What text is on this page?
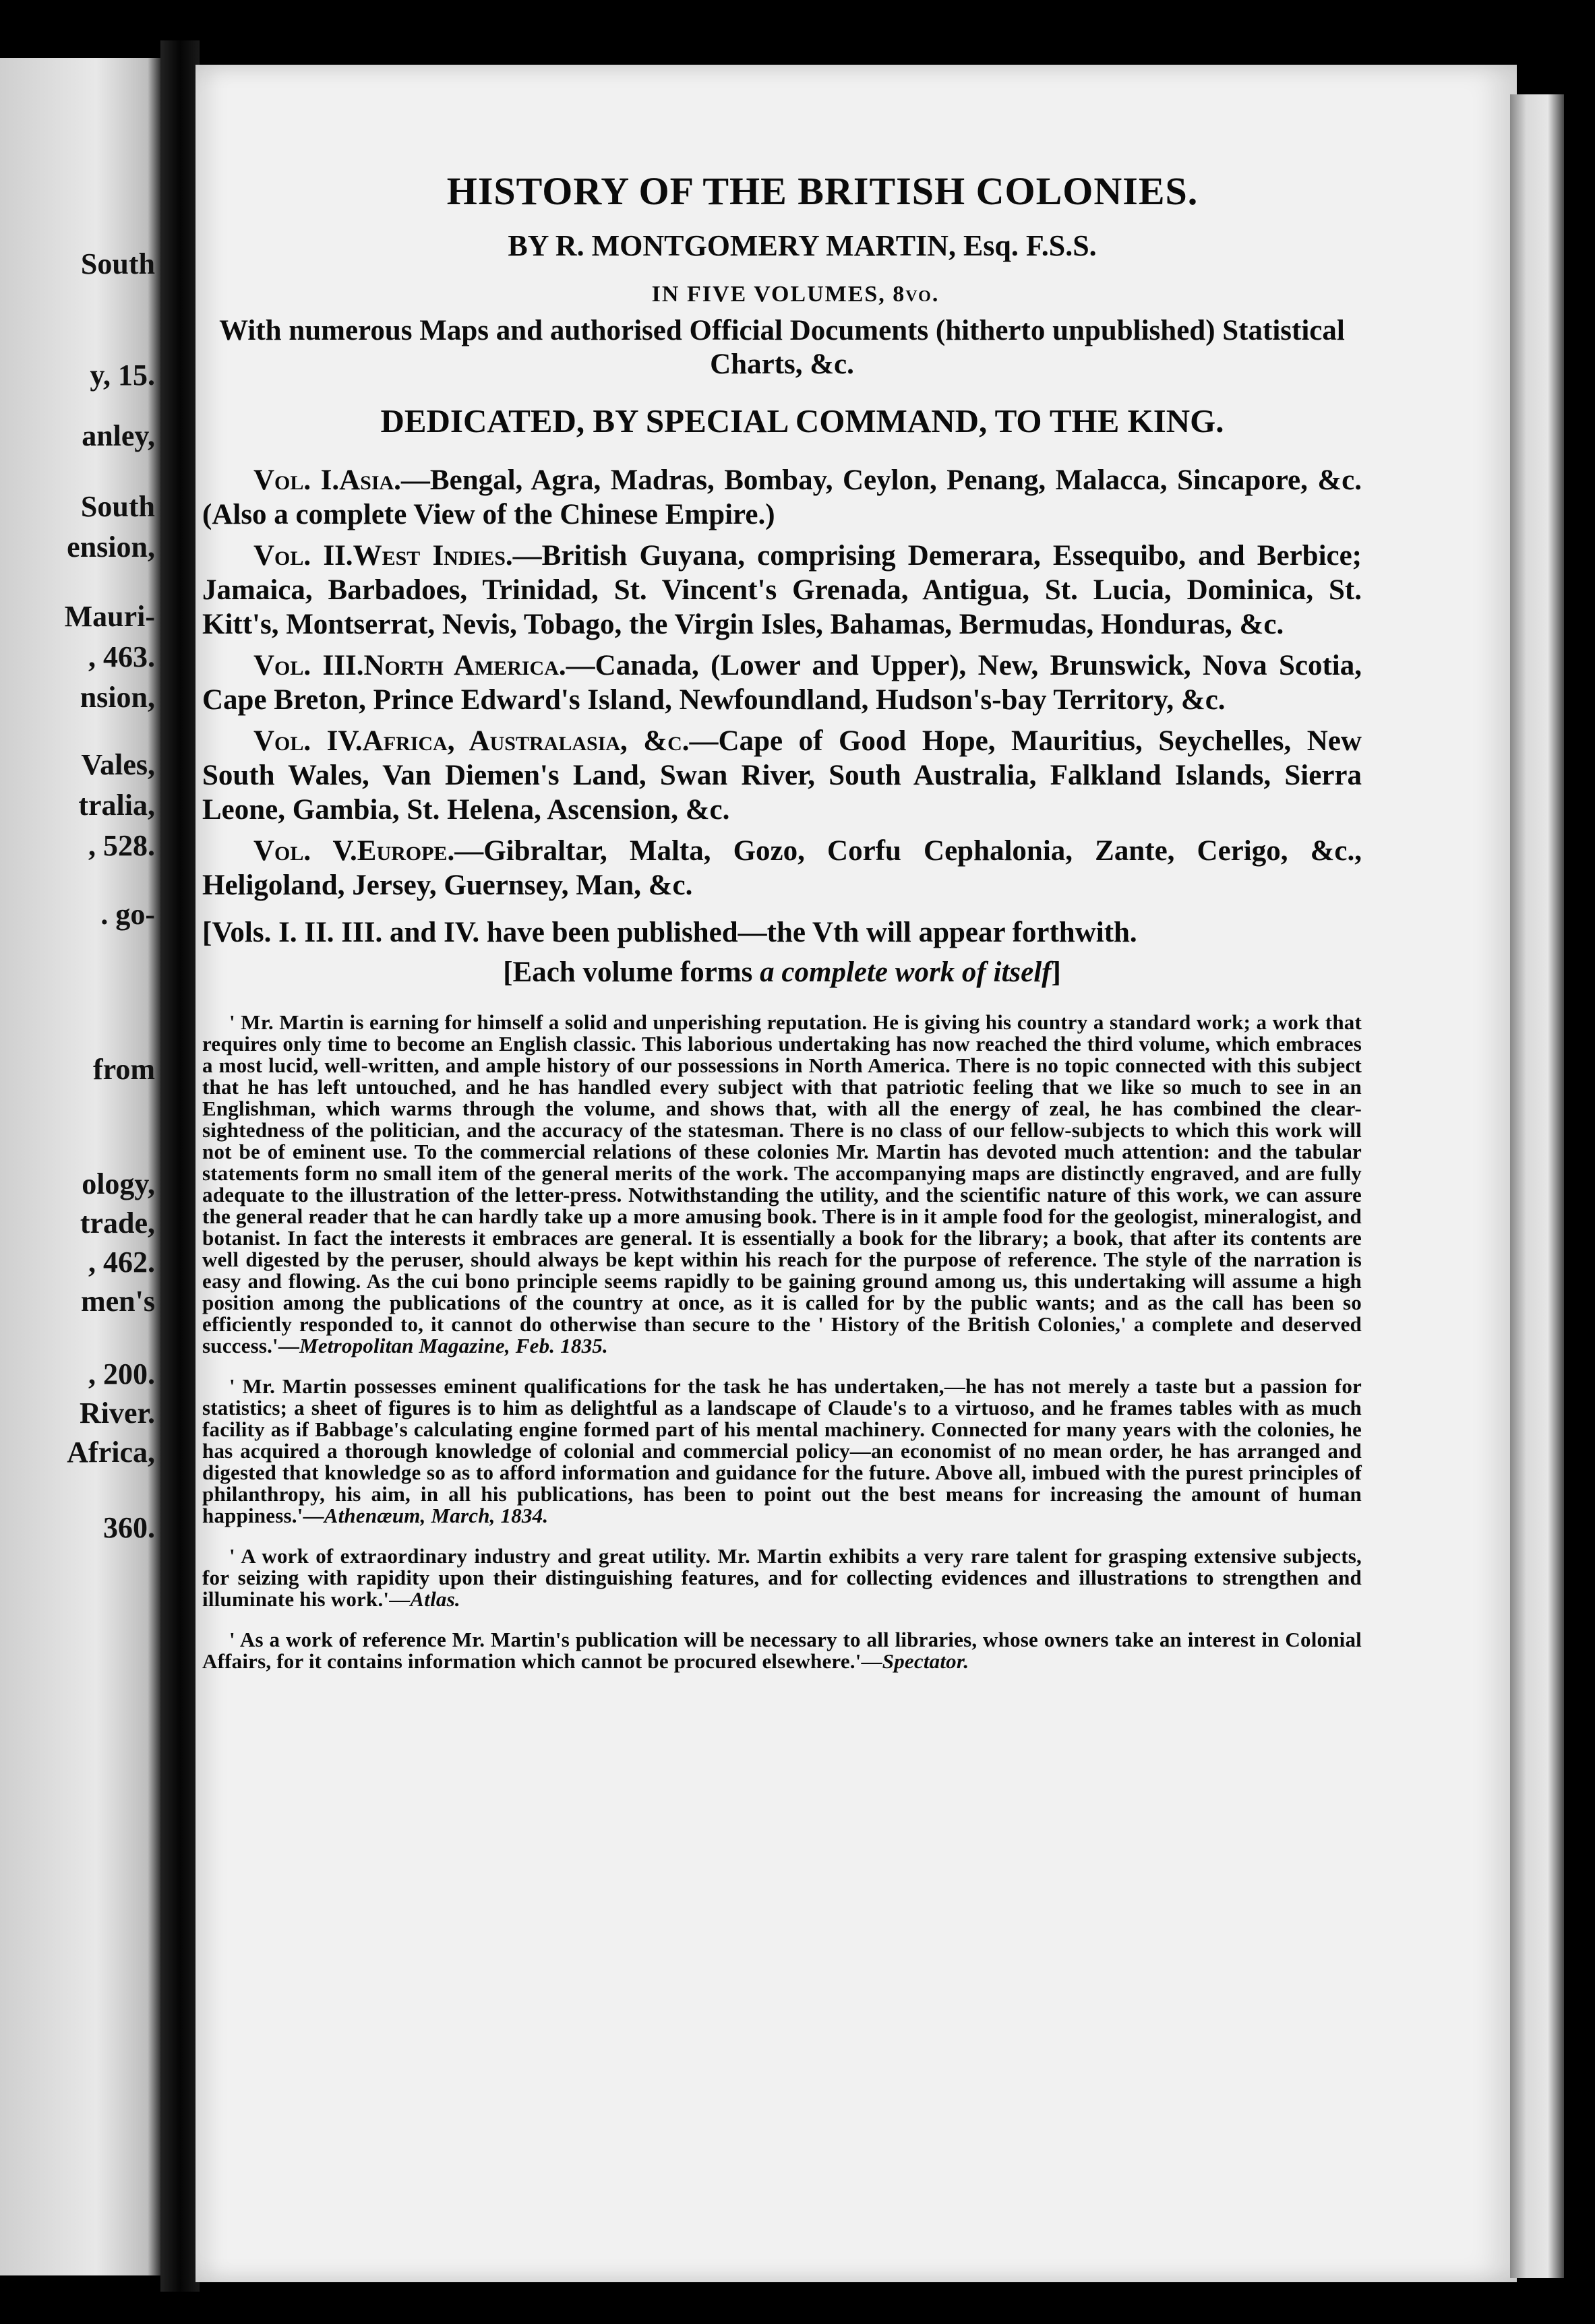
South
y, 15.
anley,
South
ension,
Mauri-
, 463.
nsion,
Vales,
tralia,
, 528.
. go-
from
ology,
trade,
, 462.
men's
, 200.
River.
Africa,
360.
HISTORY OF THE BRITISH COLONIES.
BY R. MONTGOMERY MARTIN, Esq. F.S.S.
IN FIVE VOLUMES, 8vo.
With numerous Maps and authorised Official Documents (hitherto unpublished) Statistical Charts, &c.
DEDICATED, BY SPECIAL COMMAND, TO THE KING.
Vol. I.Asia.—Bengal, Agra, Madras, Bombay, Ceylon, Penang, Malacca, Sincapore, &c. (Also a complete View of the Chinese Empire.)
Vol. II.West Indies.—British Guyana, comprising Demerara, Essequibo, and Berbice; Jamaica, Barbadoes, Trinidad, St. Vincent's Grenada, Antigua, St. Lucia, Dominica, St. Kitt's, Montserrat, Nevis, Tobago, the Virgin Isles, Bahamas, Bermudas, Honduras, &c.
Vol. III.North America.—Canada, (Lower and Upper), New, Brunswick, Nova Scotia, Cape Breton, Prince Edward's Island, Newfoundland, Hudson's-bay Territory, &c.
Vol. IV.Africa, Australasia, &c.—Cape of Good Hope, Mauritius, Seychelles, New South Wales, Van Diemen's Land, Swan River, South Australia, Falkland Islands, Sierra Leone, Gambia, St. Helena, Ascension, &c.
Vol. V.Europe.—Gibraltar, Malta, Gozo, Corfu Cephalonia, Zante, Cerigo, &c., Heligoland, Jersey, Guernsey, Man, &c.
[Vols. I. II. III. and IV. have been published—the Vth will appear forthwith.
[Each volume forms a complete work of itself]
' Mr. Martin is earning for himself a solid and unperishing reputation. He is giving his country a standard work; a work that requires only time to become an English classic. This laborious undertaking has now reached the third volume, which embraces a most lucid, well-written, and ample history of our possessions in North America. There is no topic connected with this subject that he has left untouched, and he has handled every subject with that patriotic feeling that we like so much to see in an Englishman, which warms through the volume, and shows that, with all the energy of zeal, he has combined the clear-sightedness of the politician, and the accuracy of the statesman. There is no class of our fellow-subjects to which this work will not be of eminent use. To the commercial relations of these colonies Mr. Martin has devoted much attention: and the tabular statements form no small item of the general merits of the work. The accompanying maps are distinctly engraved, and are fully adequate to the illustration of the letter-press. Notwithstanding the utility, and the scientific nature of this work, we can assure the general reader that he can hardly take up a more amusing book. There is in it ample food for the geologist, mineralogist, and botanist. In fact the interests it embraces are general. It is essentially a book for the library; a book, that after its contents are well digested by the peruser, should always be kept within his reach for the purpose of reference. The style of the narration is easy and flowing. As the cui bono principle seems rapidly to be gaining ground among us, this undertaking will assume a high position among the publications of the country at once, as it is called for by the public wants; and as the call has been so efficiently responded to, it cannot do otherwise than secure to the ' History of the British Colonies,' a complete and deserved success.'—Metropolitan Magazine, Feb. 1835.
' Mr. Martin possesses eminent qualifications for the task he has undertaken,—he has not merely a taste but a passion for statistics; a sheet of figures is to him as delightful as a landscape of Claude's to a virtuoso, and he frames tables with as much facility as if Babbage's calculating engine formed part of his mental machinery. Connected for many years with the colonies, he has acquired a thorough knowledge of colonial and commercial policy—an economist of no mean order, he has arranged and digested that knowledge so as to afford information and guidance for the future. Above all, imbued with the purest principles of philanthropy, his aim, in all his publications, has been to point out the best means for increasing the amount of human happiness.'—Athenæum, March, 1834.
' A work of extraordinary industry and great utility. Mr. Martin exhibits a very rare talent for grasping extensive subjects, for seizing with rapidity upon their distinguishing features, and for collecting evidences and illustrations to strengthen and illuminate his work.'—Atlas.
' As a work of reference Mr. Martin's publication will be necessary to all libraries, whose owners take an interest in Colonial Affairs, for it contains information which cannot be procured elsewhere.'—Spectator.
